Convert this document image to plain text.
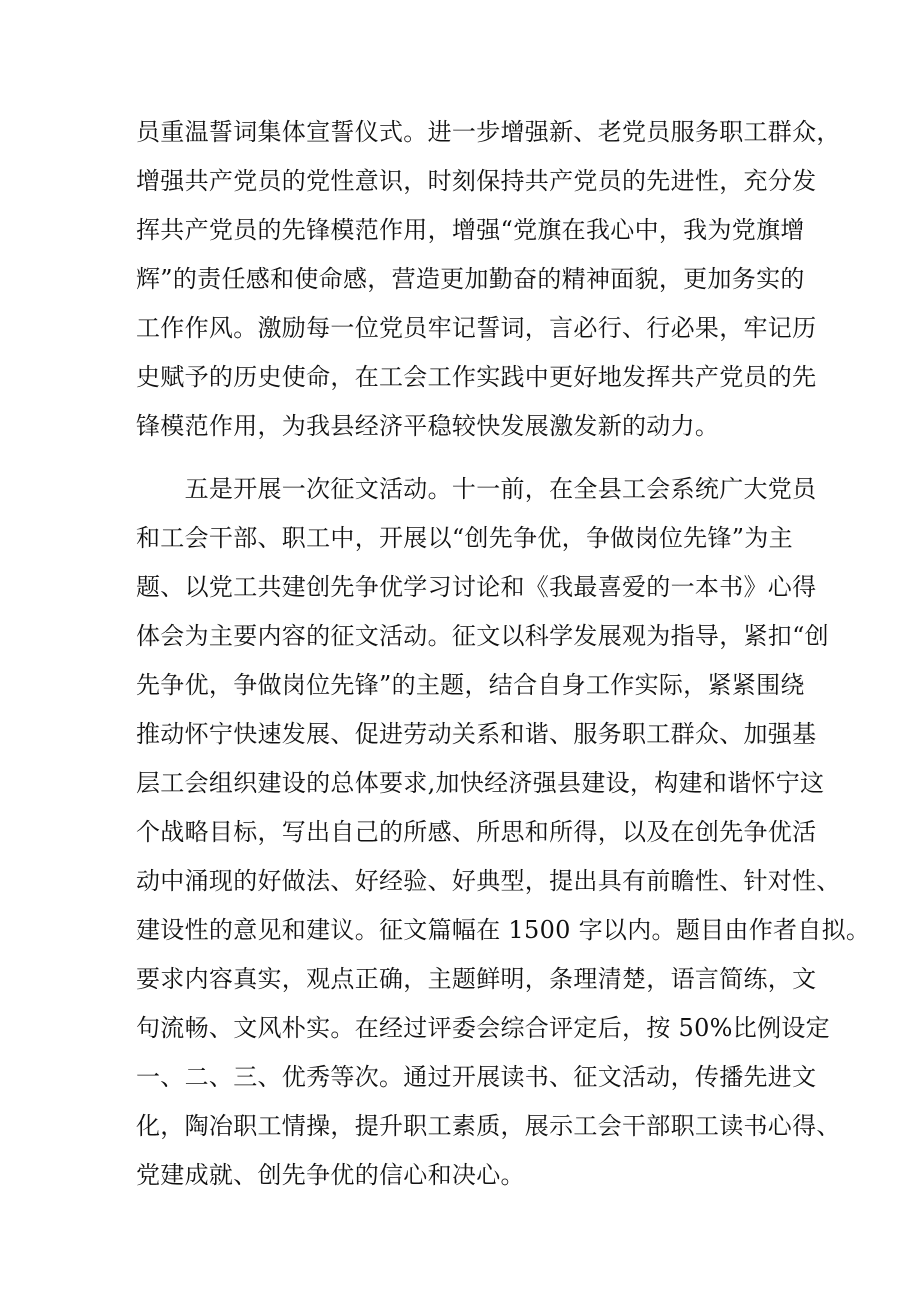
员重温誓词集体宣誓仪式。进一步增强新、老党员服务职工群众，
增强共产党员的党性意识，时刻保持共产党员的先进性，充分发
挥共产党员的先锋模范作用，增强“党旗在我心中，我为党旗增
辉”的责任感和使命感，营造更加勤奋的精神面貌，更加务实的
工作作风。激励每一位党员牢记誓词，言必行、行必果，牢记历
史赋予的历史使命，在工会工作实践中更好地发挥共产党员的先
锋模范作用，为我县经济平稳较快发展激发新的动力。
　　五是开展一次征文活动。十一前，在全县工会系统广大党员
和工会干部、职工中，开展以“创先争优，争做岗位先锋”为主
题、以党工共建创先争优学习讨论和《我最喜爱的一本书》心得
体会为主要内容的征文活动。征文以科学发展观为指导，紧扣“创
先争优，争做岗位先锋”的主题，结合自身工作实际，紧紧围绕
推动怀宁快速发展、促进劳动关系和谐、服务职工群众、加强基
层工会组织建设的总体要求,加快经济强县建设，构建和谐怀宁这
个战略目标，写出自己的所感、所思和所得，以及在创先争优活
动中涌现的好做法、好经验、好典型，提出具有前瞻性、针对性、
建设性的意见和建议。征文篇幅在 1500 字以内。题目由作者自拟。
要求内容真实，观点正确，主题鲜明，条理清楚，语言简练，文
句流畅、文风朴实。在经过评委会综合评定后，按 50%比例设定
一、二、三、优秀等次。通过开展读书、征文活动，传播先进文
化，陶冶职工情操，提升职工素质，展示工会干部职工读书心得、
党建成就、创先争优的信心和决心。
